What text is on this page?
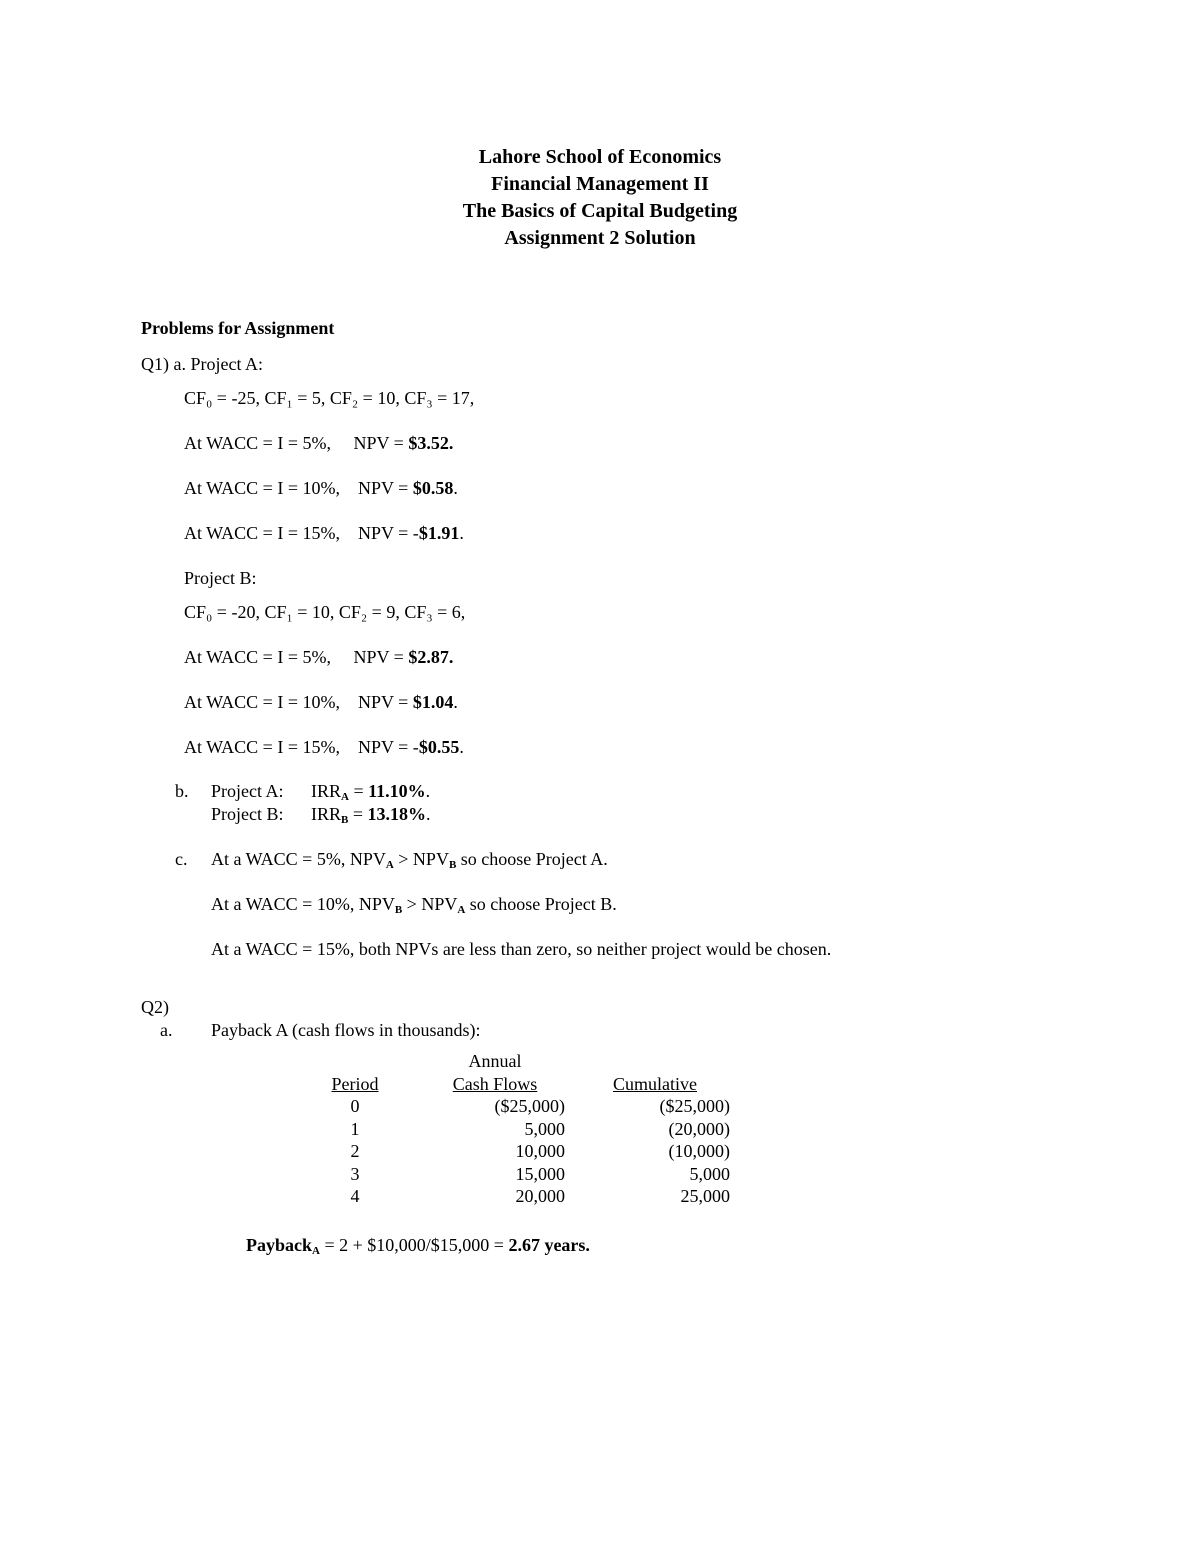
Lahore School of Economics
Financial Management II
The Basics of Capital Budgeting
Assignment 2 Solution
Problems for Assignment
Q1) a. Project A:
CF₀ = -25, CF₁ = 5, CF₂ = 10, CF₃ = 17,
At WACC = I = 5%,     NPV = $3.52.
At WACC = I = 10%,    NPV = $0.58.
At WACC = I = 15%,    NPV = -$1.91.
Project B:
CF₀ = -20, CF₁ = 10, CF₂ = 9, CF₃ = 6,
At WACC = I = 5%,     NPV = $2.87.
At WACC = I = 10%,    NPV = $1.04.
At WACC = I = 15%,    NPV = -$0.55.
b. Project A: $IRR_A = 11.10\%$.
Project B: $IRR_B = 13.18\%$.
c. At a WACC = 5%, $NPV_A > NPV_B$ so choose Project A.
At a WACC = 10%, $NPV_B > NPV_A$ so choose Project B.
At a WACC = 15%, both NPVs are less than zero, so neither project would be chosen.
Q2)
a. Payback A (cash flows in thousands):
Annual
Period	Cash Flows	Cumulative
0	($25,000)	($25,000)
1	5,000	(20,000)
2	10,000	(10,000)
3	15,000	5,000
4	20,000	25,000
Payback$_A$ = 2 + $10,000/$15,000 = 2.67 years.
